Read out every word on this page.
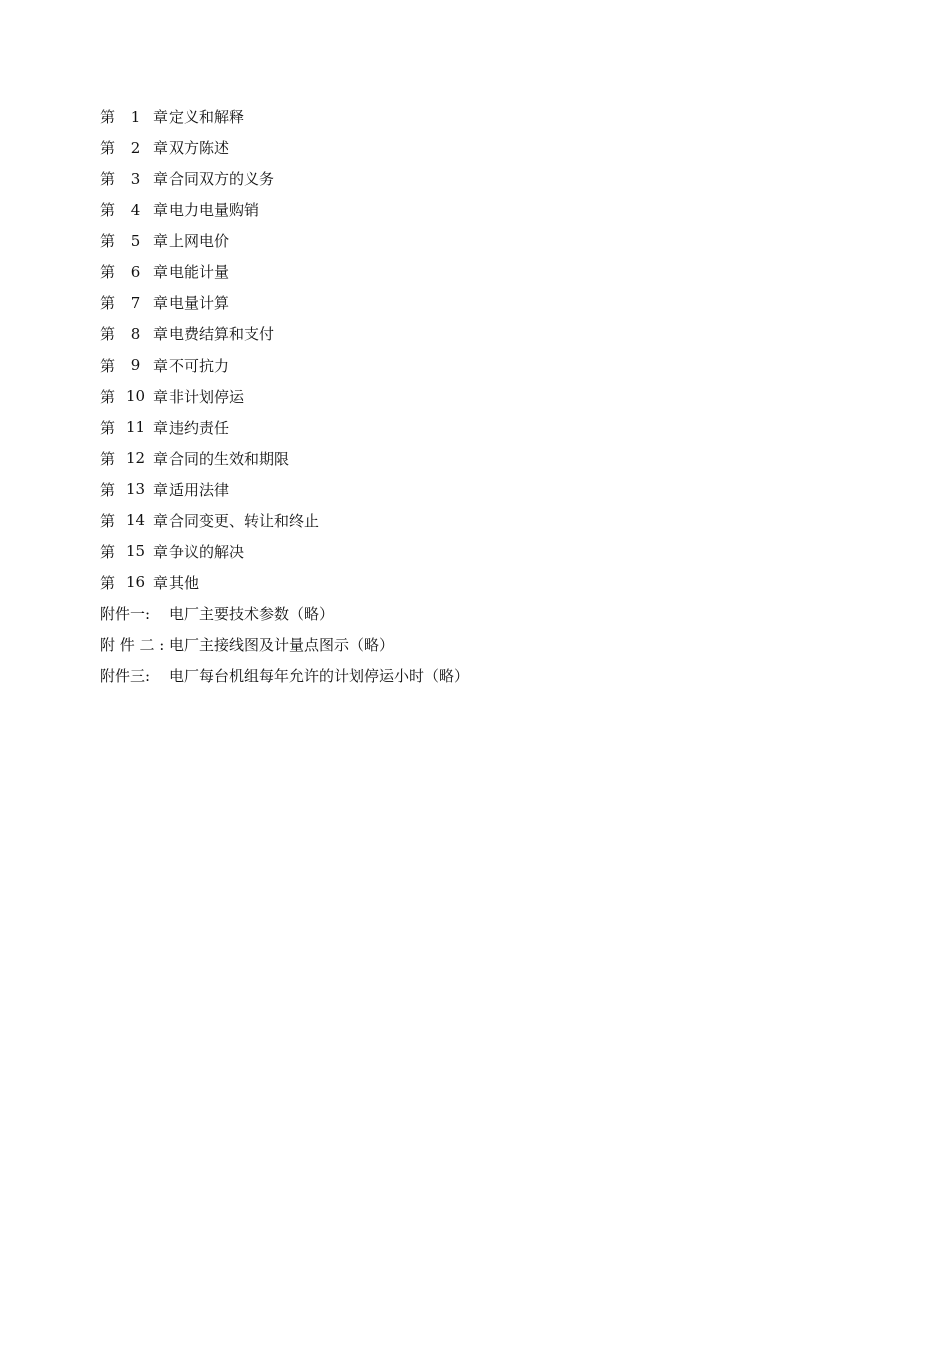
第	1 章 定义和解释
第	2 章 双方陈述
第	3 章 合同双方的义务
第	4 章 电力电量购销
第	5 章 上网电价
第	6 章 电能计量
第	7 章 电量计算
第	8 章 电费结算和支付
第	9 章 不可抗力
第 10 章 非计划停运
第 11 章 违约责任
第 12 章 合同的生效和期限
第 13 章 适用法律
第 14 章 合同变更、转让和终止
第 15 章 争议的解决
第 16 章 其他
附件一:	电厂主要技术参数（略）
附 件 二 : 电厂主接线图及计量点图示（略）
附件三:	电厂每台机组每年允许的计划停运小时（略）
